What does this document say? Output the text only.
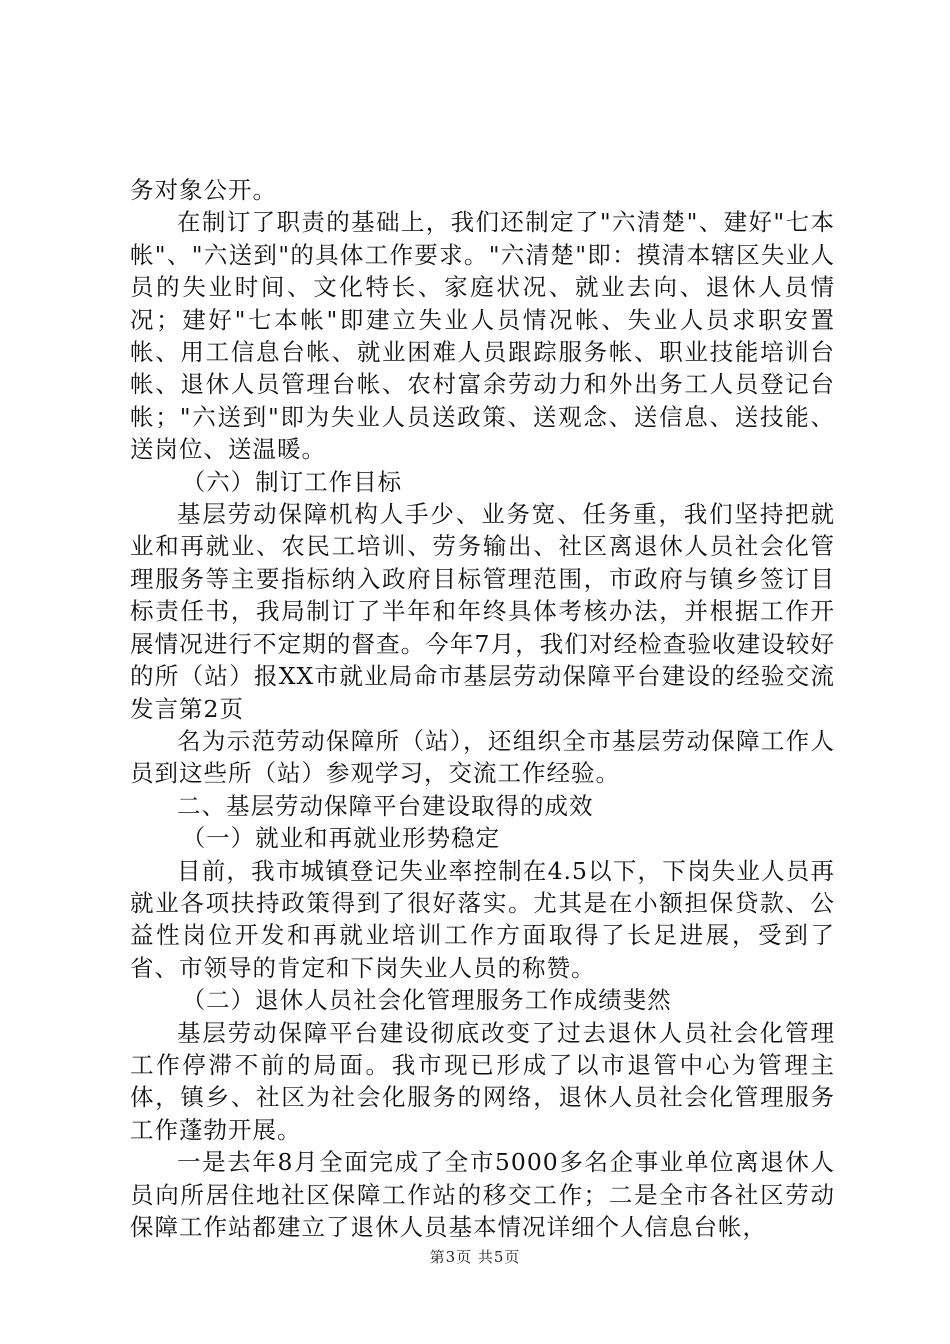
务对象公开。

在制订了职责的基础上，我们还制定了"六清楚"、建好"七本帐"、"六送到"的具体工作要求。"六清楚"即：摸清本辖区失业人员的失业时间、文化特长、家庭状况、就业去向、退休人员情况；建好"七本帐"即建立失业人员情况帐、失业人员求职安置帐、用工信息台帐、就业困难人员跟踪服务帐、职业技能培训台帐、退休人员管理台帐、农村富余劳动力和外出务工人员登记台帐；"六送到"即为失业人员送政策、送观念、送信息、送技能、送岗位、送温暖。

（六）制订工作目标

基层劳动保障机构人手少、业务宽、任务重，我们坚持把就业和再就业、农民工培训、劳务输出、社区离退休人员社会化管理服务等主要指标纳入政府目标管理范围，市政府与镇乡签订目标责任书，我局制订了半年和年终具体考核办法，并根据工作开展情况进行不定期的督查。今年7月，我们对经检查验收建设较好的所（站）报XX市就业局命市基层劳动保障平台建设的经验交流发言第2页

名为示范劳动保障所（站），还组织全市基层劳动保障工作人员到这些所（站）参观学习，交流工作经验。

二、基层劳动保障平台建设取得的成效

（一）就业和再就业形势稳定

目前，我市城镇登记失业率控制在4.5以下，下岗失业人员再就业各项扶持政策得到了很好落实。尤其是在小额担保贷款、公益性岗位开发和再就业培训工作方面取得了长足进展，受到了省、市领导的肯定和下岗失业人员的称赞。

（二）退休人员社会化管理服务工作成绩斐然

基层劳动保障平台建设彻底改变了过去退休人员社会化管理工作停滞不前的局面。我市现已形成了以市退管中心为管理主体，镇乡、社区为社会化服务的网络，退休人员社会化管理服务工作蓬勃开展。

一是去年8月全面完成了全市5000多名企事业单位离退休人员向所居住地社区保障工作站的移交工作；二是全市各社区劳动保障工作站都建立了退休人员基本情况详细个人信息台帐，

第3页 共5页
